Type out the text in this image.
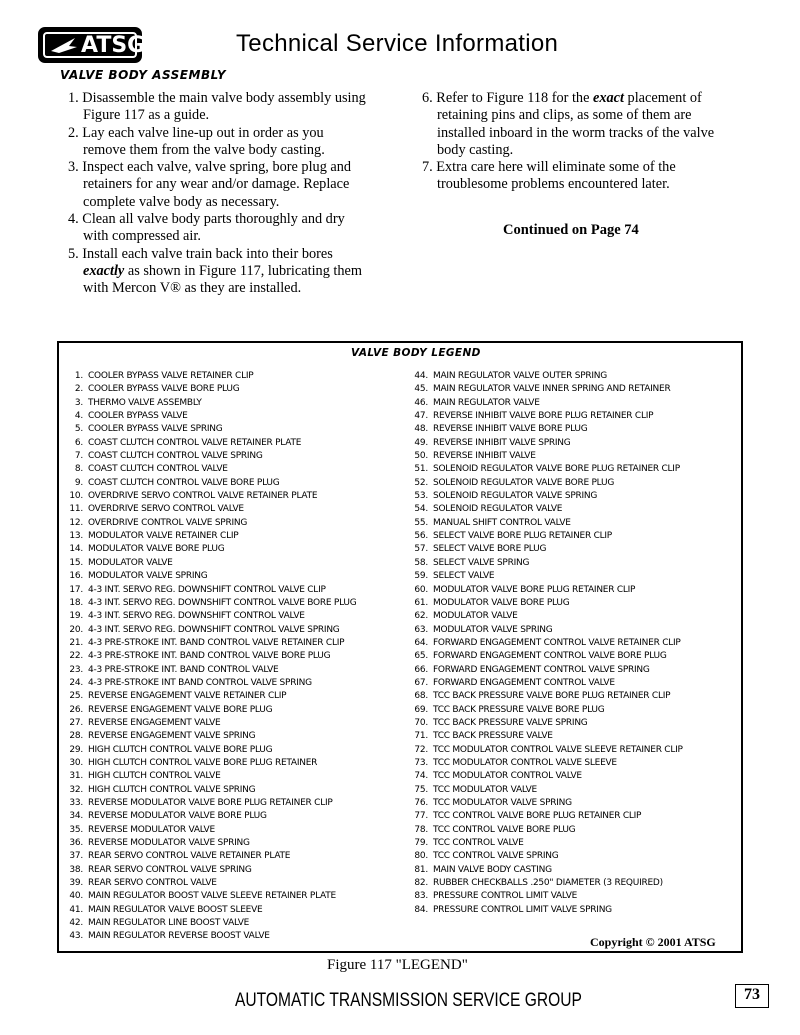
ATSG	Technical Service Information
VALVE BODY ASSEMBLY

1. Disassemble the main valve body assembly using Figure 117 as a guide.

2. Lay each valve line-up out in order as you remove them from the valve body casting.

3. Inspect each valve, valve spring, bore plug and retainers for any wear and/or damage. Replace complete valve body as necessary.

4. Clean all valve body parts thoroughly and dry with compressed air.

5. Install each valve train back into their bores exactly as shown in Figure 117, lubricating them with Mercon V® as they are installed.

6. Refer to Figure 118 for the exact placement of retaining pins and clips, as some of them are installed inboard in the worm tracks of the valve body casting.

7. Extra care here will eliminate some of the troublesome problems encountered later.

Continued on Page 74
VALVE BODY LEGEND
1. COOLER BYPASS VALVE RETAINER CLIP
2. COOLER BYPASS VALVE BORE PLUG
3. THERMO VALVE ASSEMBLY
4. COOLER BYPASS VALVE
5. COOLER BYPASS VALVE SPRING
6. COAST CLUTCH CONTROL VALVE RETAINER PLATE
7. COAST CLUTCH CONTROL VALVE SPRING
8. COAST CLUTCH CONTROL VALVE
9. COAST CLUTCH CONTROL VALVE BORE PLUG
10. OVERDRIVE SERVO CONTROL VALVE RETAINER PLATE
11. OVERDRIVE SERVO CONTROL VALVE
12. OVERDRIVE CONTROL VALVE SPRING
13. MODULATOR VALVE RETAINER CLIP
14. MODULATOR VALVE BORE PLUG
15. MODULATOR VALVE
16. MODULATOR VALVE SPRING
17. 4-3 INT. SERVO REG. DOWNSHIFT CONTROL VALVE CLIP
18. 4-3 INT. SERVO REG. DOWNSHIFT CONTROL VALVE BORE PLUG
19. 4-3 INT. SERVO REG. DOWNSHIFT CONTROL VALVE
20. 4-3 INT. SERVO REG. DOWNSHIFT CONTROL VALVE SPRING
21. 4-3 PRE-STROKE INT. BAND CONTROL VALVE RETAINER CLIP
22. 4-3 PRE-STROKE INT. BAND CONTROL VALVE BORE PLUG
23. 4-3 PRE-STROKE INT. BAND CONTROL VALVE
24. 4-3 PRE-STROKE INT BAND CONTROL VALVE SPRING
25. REVERSE ENGAGEMENT VALVE RETAINER CLIP
26. REVERSE ENGAGEMENT VALVE BORE PLUG
27. REVERSE ENGAGEMENT VALVE
28. REVERSE ENGAGEMENT VALVE SPRING
29. HIGH CLUTCH CONTROL VALVE BORE PLUG
30. HIGH CLUTCH CONTROL VALVE BORE PLUG RETAINER
31. HIGH CLUTCH CONTROL VALVE
32. HIGH CLUTCH CONTROL VALVE SPRING
33. REVERSE MODULATOR VALVE BORE PLUG RETAINER CLIP
34. REVERSE MODULATOR VALVE BORE PLUG
35. REVERSE MODULATOR VALVE
36. REVERSE MODULATOR VALVE SPRING
37. REAR SERVO CONTROL VALVE RETAINER PLATE
38. REAR SERVO CONTROL VALVE SPRING
39. REAR SERVO CONTROL VALVE
40. MAIN REGULATOR BOOST VALVE SLEEVE RETAINER PLATE
41. MAIN REGULATOR VALVE BOOST SLEEVE
42. MAIN REGULATOR LINE BOOST VALVE
43. MAIN REGULATOR REVERSE BOOST VALVE
44. MAIN REGULATOR VALVE OUTER SPRING
45. MAIN REGULATOR VALVE INNER SPRING AND RETAINER
46. MAIN REGULATOR VALVE
47. REVERSE INHIBIT VALVE BORE PLUG RETAINER CLIP
48. REVERSE INHIBIT VALVE BORE PLUG
49. REVERSE INHIBIT VALVE SPRING
50. REVERSE INHIBIT VALVE
51. SOLENOID REGULATOR VALVE BORE PLUG RETAINER CLIP
52. SOLENOID REGULATOR VALVE BORE PLUG
53. SOLENOID REGULATOR VALVE SPRING
54. SOLENOID REGULATOR VALVE
55. MANUAL SHIFT CONTROL VALVE
56. SELECT VALVE BORE PLUG RETAINER CLIP
57. SELECT VALVE BORE PLUG
58. SELECT VALVE SPRING
59. SELECT VALVE
60. MODULATOR VALVE BORE PLUG RETAINER CLIP
61. MODULATOR VALVE BORE PLUG
62. MODULATOR VALVE
63. MODULATOR VALVE SPRING
64. FORWARD ENGAGEMENT CONTROL VALVE RETAINER CLIP
65. FORWARD ENGAGEMENT CONTROL VALVE BORE PLUG
66. FORWARD ENGAGEMENT CONTROL VALVE SPRING
67. FORWARD ENGAGEMENT CONTROL VALVE
68. TCC BACK PRESSURE VALVE BORE PLUG RETAINER CLIP
69. TCC BACK PRESSURE VALVE BORE PLUG
70. TCC BACK PRESSURE VALVE SPRING
71. TCC BACK PRESSURE VALVE
72. TCC MODULATOR CONTROL VALVE SLEEVE RETAINER CLIP
73. TCC MODULATOR CONTROL VALVE SLEEVE
74. TCC MODULATOR CONTROL VALVE
75. TCC MODULATOR VALVE
76. TCC MODULATOR VALVE SPRING
77. TCC CONTROL VALVE BORE PLUG RETAINER CLIP
78. TCC CONTROL VALVE BORE PLUG
79. TCC CONTROL VALVE
80. TCC CONTROL VALVE SPRING
81. MAIN VALVE BODY CASTING
82. RUBBER CHECKBALLS .250" DIAMETER (3 REQUIRED)
83. PRESSURE CONTROL LIMIT VALVE
84. PRESSURE CONTROL LIMIT VALVE SPRING
Copyright © 2001 ATSG
Figure 117 "LEGEND"
AUTOMATIC TRANSMISSION SERVICE GROUP	73
